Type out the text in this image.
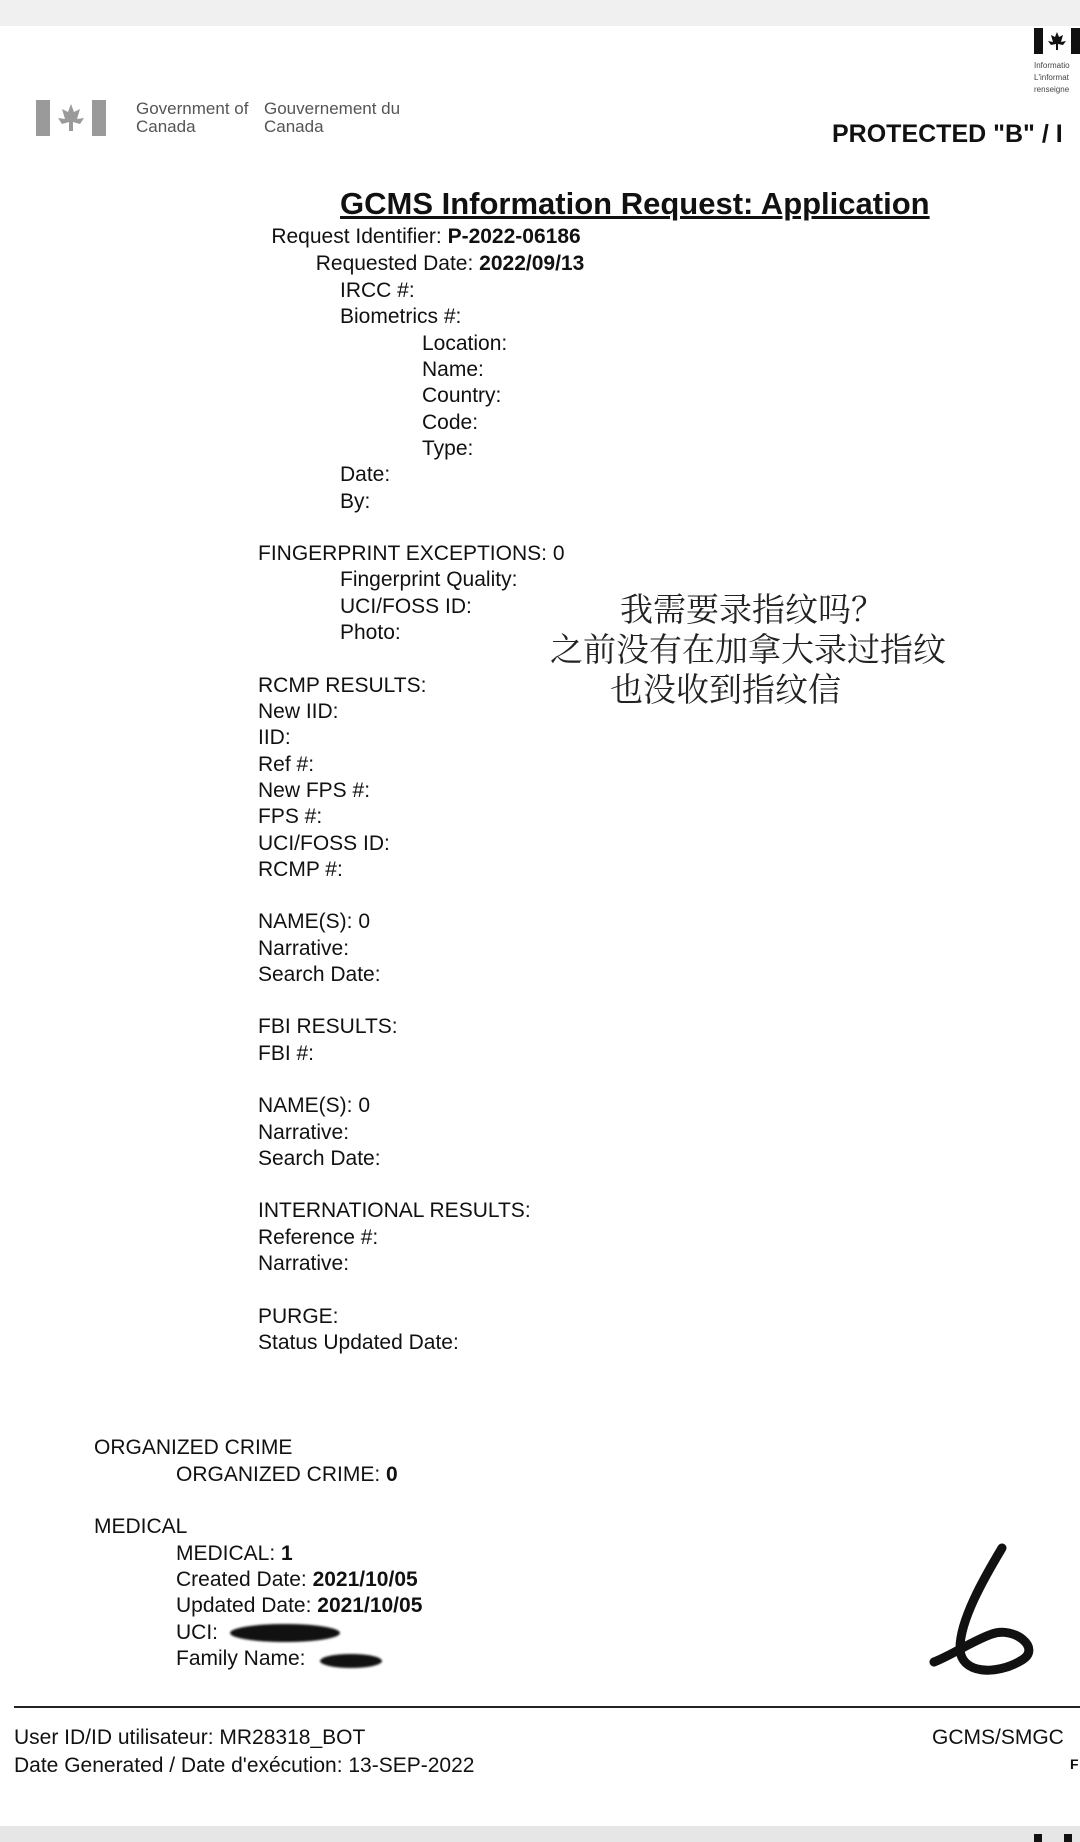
Government of Canada
Gouvernement du Canada
Informatio
L'informat
renseigne
PROTECTED "B" / I
GCMS Information Request: Application
Request Identifier: P-2022-06186
Requested Date: 2022/09/13
IRCC #:
Biometrics #:
Location:
Name:
Country:
Code:
Type:
Date:
By:
FINGERPRINT EXCEPTIONS: 0
Fingerprint Quality:
UCI/FOSS ID:
Photo:
我需要录指纹吗？
之前没有在加拿大录过指纹
也没收到指纹信
RCMP RESULTS:
New IID:
IID:
Ref #:
New FPS #:
FPS #:
UCI/FOSS ID:
RCMP #:
NAME(S): 0
Narrative:
Search Date:
FBI RESULTS:
FBI #:
NAME(S): 0
Narrative:
Search Date:
INTERNATIONAL RESULTS:
Reference #:
Narrative:
PURGE:
Status Updated Date:
ORGANIZED CRIME
ORGANIZED CRIME: 0
MEDICAL
MEDICAL: 1
Created Date: 2021/10/05
Updated Date: 2021/10/05
UCI:
Family Name:
User ID/ID utilisateur: MR28318_BOT
Date Generated / Date d'exécution: 13-SEP-2022
GCMS/SMGC
F
